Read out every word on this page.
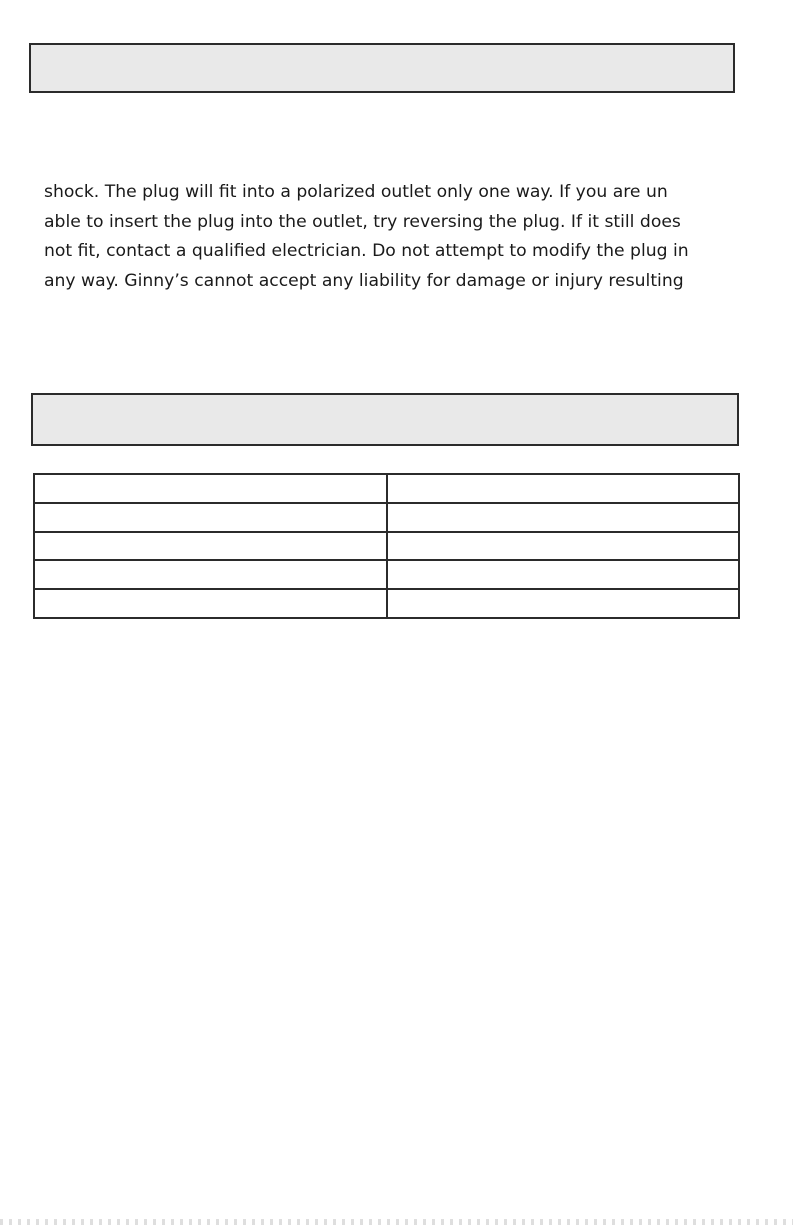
shock. The plug will fit into a polarized outlet only one way. If you are un
able to insert the plug into the outlet, try reversing the plug. If it still does
not fit, contact a qualified electrician. Do not attempt to modify the plug in
any way. Ginny’s cannot accept any liability for damage or injury resulting
